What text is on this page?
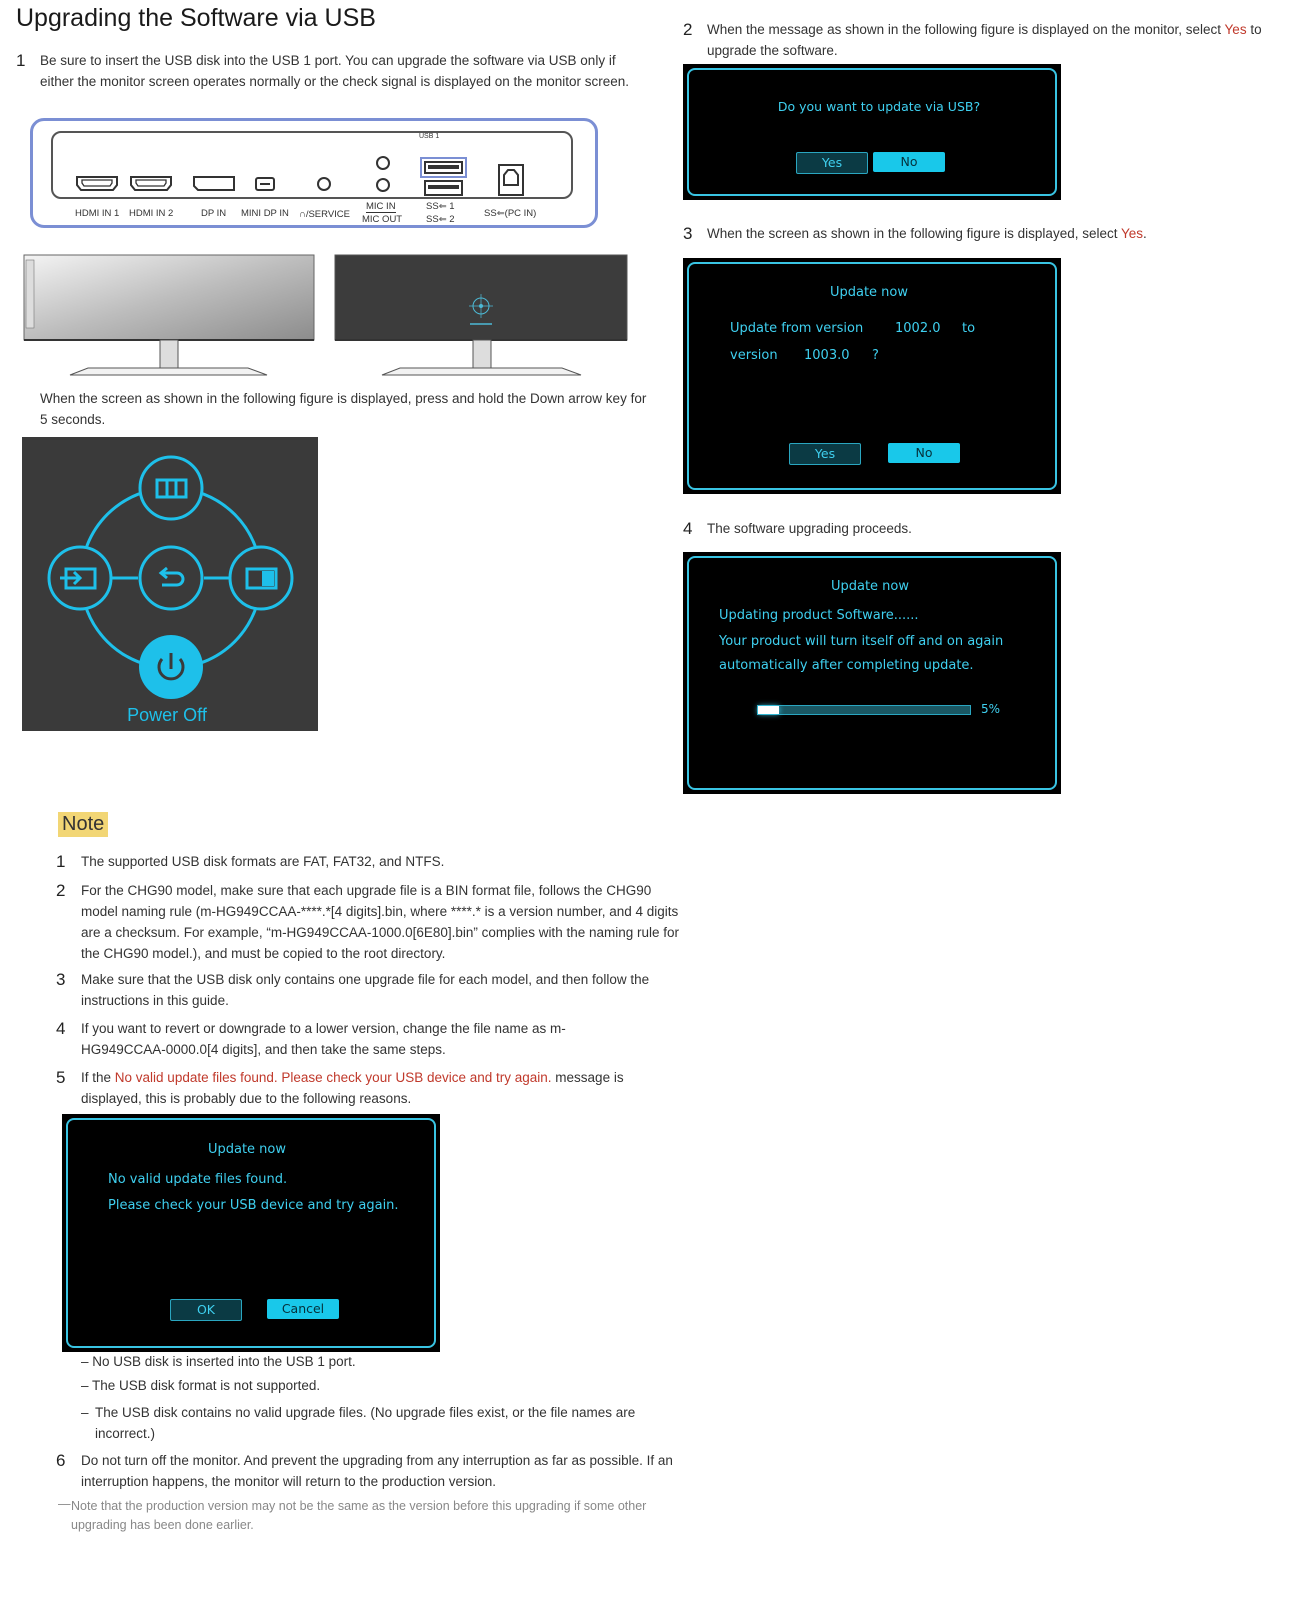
Upgrading the Software via USB
1 Be sure to insert the USB disk into the USB 1 port. You can upgrade the software via USB only if either the monitor screen operates normally or the check signal is displayed on the monitor screen.
USB 1
HDMI IN 1 HDMI IN 2	DP IN MINI DP IN ∩/SERVICE
MIC IN
MIC OUT
SS⇐ 1
SS⇐ 2
SS⇐(PC IN)
When the screen as shown in the following figure is displayed, press and hold the Down arrow key for 5 seconds.
Power Off
Note
1 The supported USB disk formats are FAT, FAT32, and NTFS.
2 For the CHG90 model, make sure that each upgrade file is a BIN format file, follows the CHG90 model naming rule (m-HG949CCAA-****.*[4 digits].bin, where ****.* is a version number, and 4 digits are a checksum. For example, “m-HG949CCAA-1000.0[6E80].bin” complies with the naming rule for the CHG90 model.), and must be copied to the root directory.
3 Make sure that the USB disk only contains one upgrade file for each model, and then follow the instructions in this guide.
4 If you want to revert or downgrade to a lower version, change the file name as m-HG949CCAA-0000.0[4 digits], and then take the same steps.
5 If the No valid update files found. Please check your USB device and try again. message is displayed, this is probably due to the following reasons.
Update now
No valid update files found.
Please check your USB device and try again.
OK	Cancel
– No USB disk is inserted into the USB 1 port.
– The USB disk format is not supported.
– The USB disk contains no valid upgrade files. (No upgrade files exist, or the file names are incorrect.)
6 Do not turn off the monitor. And prevent the upgrading from any interruption as far as possible. If an interruption happens, the monitor will return to the production version.
— Note that the production version may not be the same as the version before this upgrading if some other upgrading has been done earlier.
2 When the message as shown in the following figure is displayed on the monitor, select Yes to upgrade the software.
Do you want to update via USB?
Yes	No
3 When the screen as shown in the following figure is displayed, select Yes.
Update now
Update from version 1002.0 to
version 1003.0 ?
Yes	No
4 The software upgrading proceeds.
Update now
Updating product Software......
Your product will turn itself off and on again
automatically after completing update.
5%
